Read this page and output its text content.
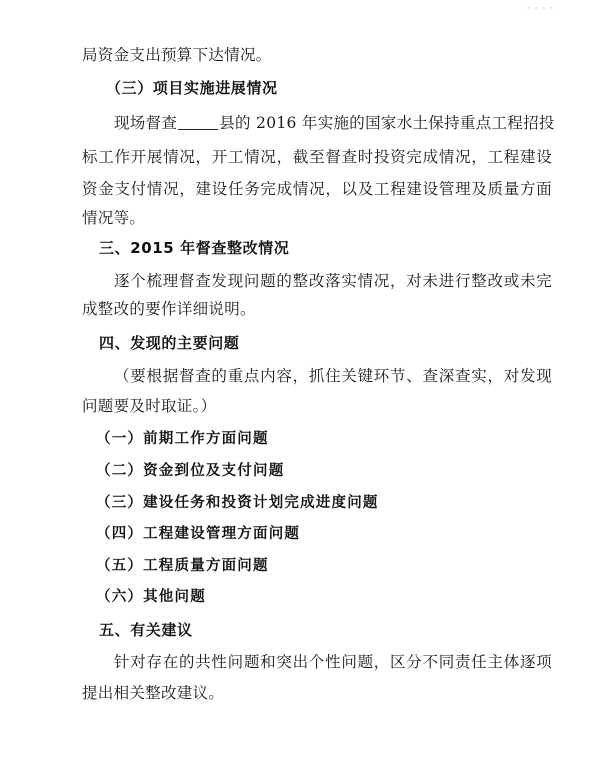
· · · ·
局资金支出预算下达情况。
（三）项目实施进展情况
现场督查	县的 2016 年实施的国家水土保持重点工程招投
标工作开展情况，开工情况，截至督查时投资完成情况，工程建设
资金支付情况，建设任务完成情况，以及工程建设管理及质量方面
情况等。
三、2015 年督查整改情况
逐个梳理督查发现问题的整改落实情况，对未进行整改或未完
成整改的要作详细说明。
四、发现的主要问题
（要根据督查的重点内容，抓住关键环节、查深查实，对发现
问题要及时取证。）
（一）前期工作方面问题
（二）资金到位及支付问题
（三）建设任务和投资计划完成进度问题
（四）工程建设管理方面问题
（五）工程质量方面问题
（六）其他问题
五、有关建议
针对存在的共性问题和突出个性问题，区分不同责任主体逐项
提出相关整改建议。
